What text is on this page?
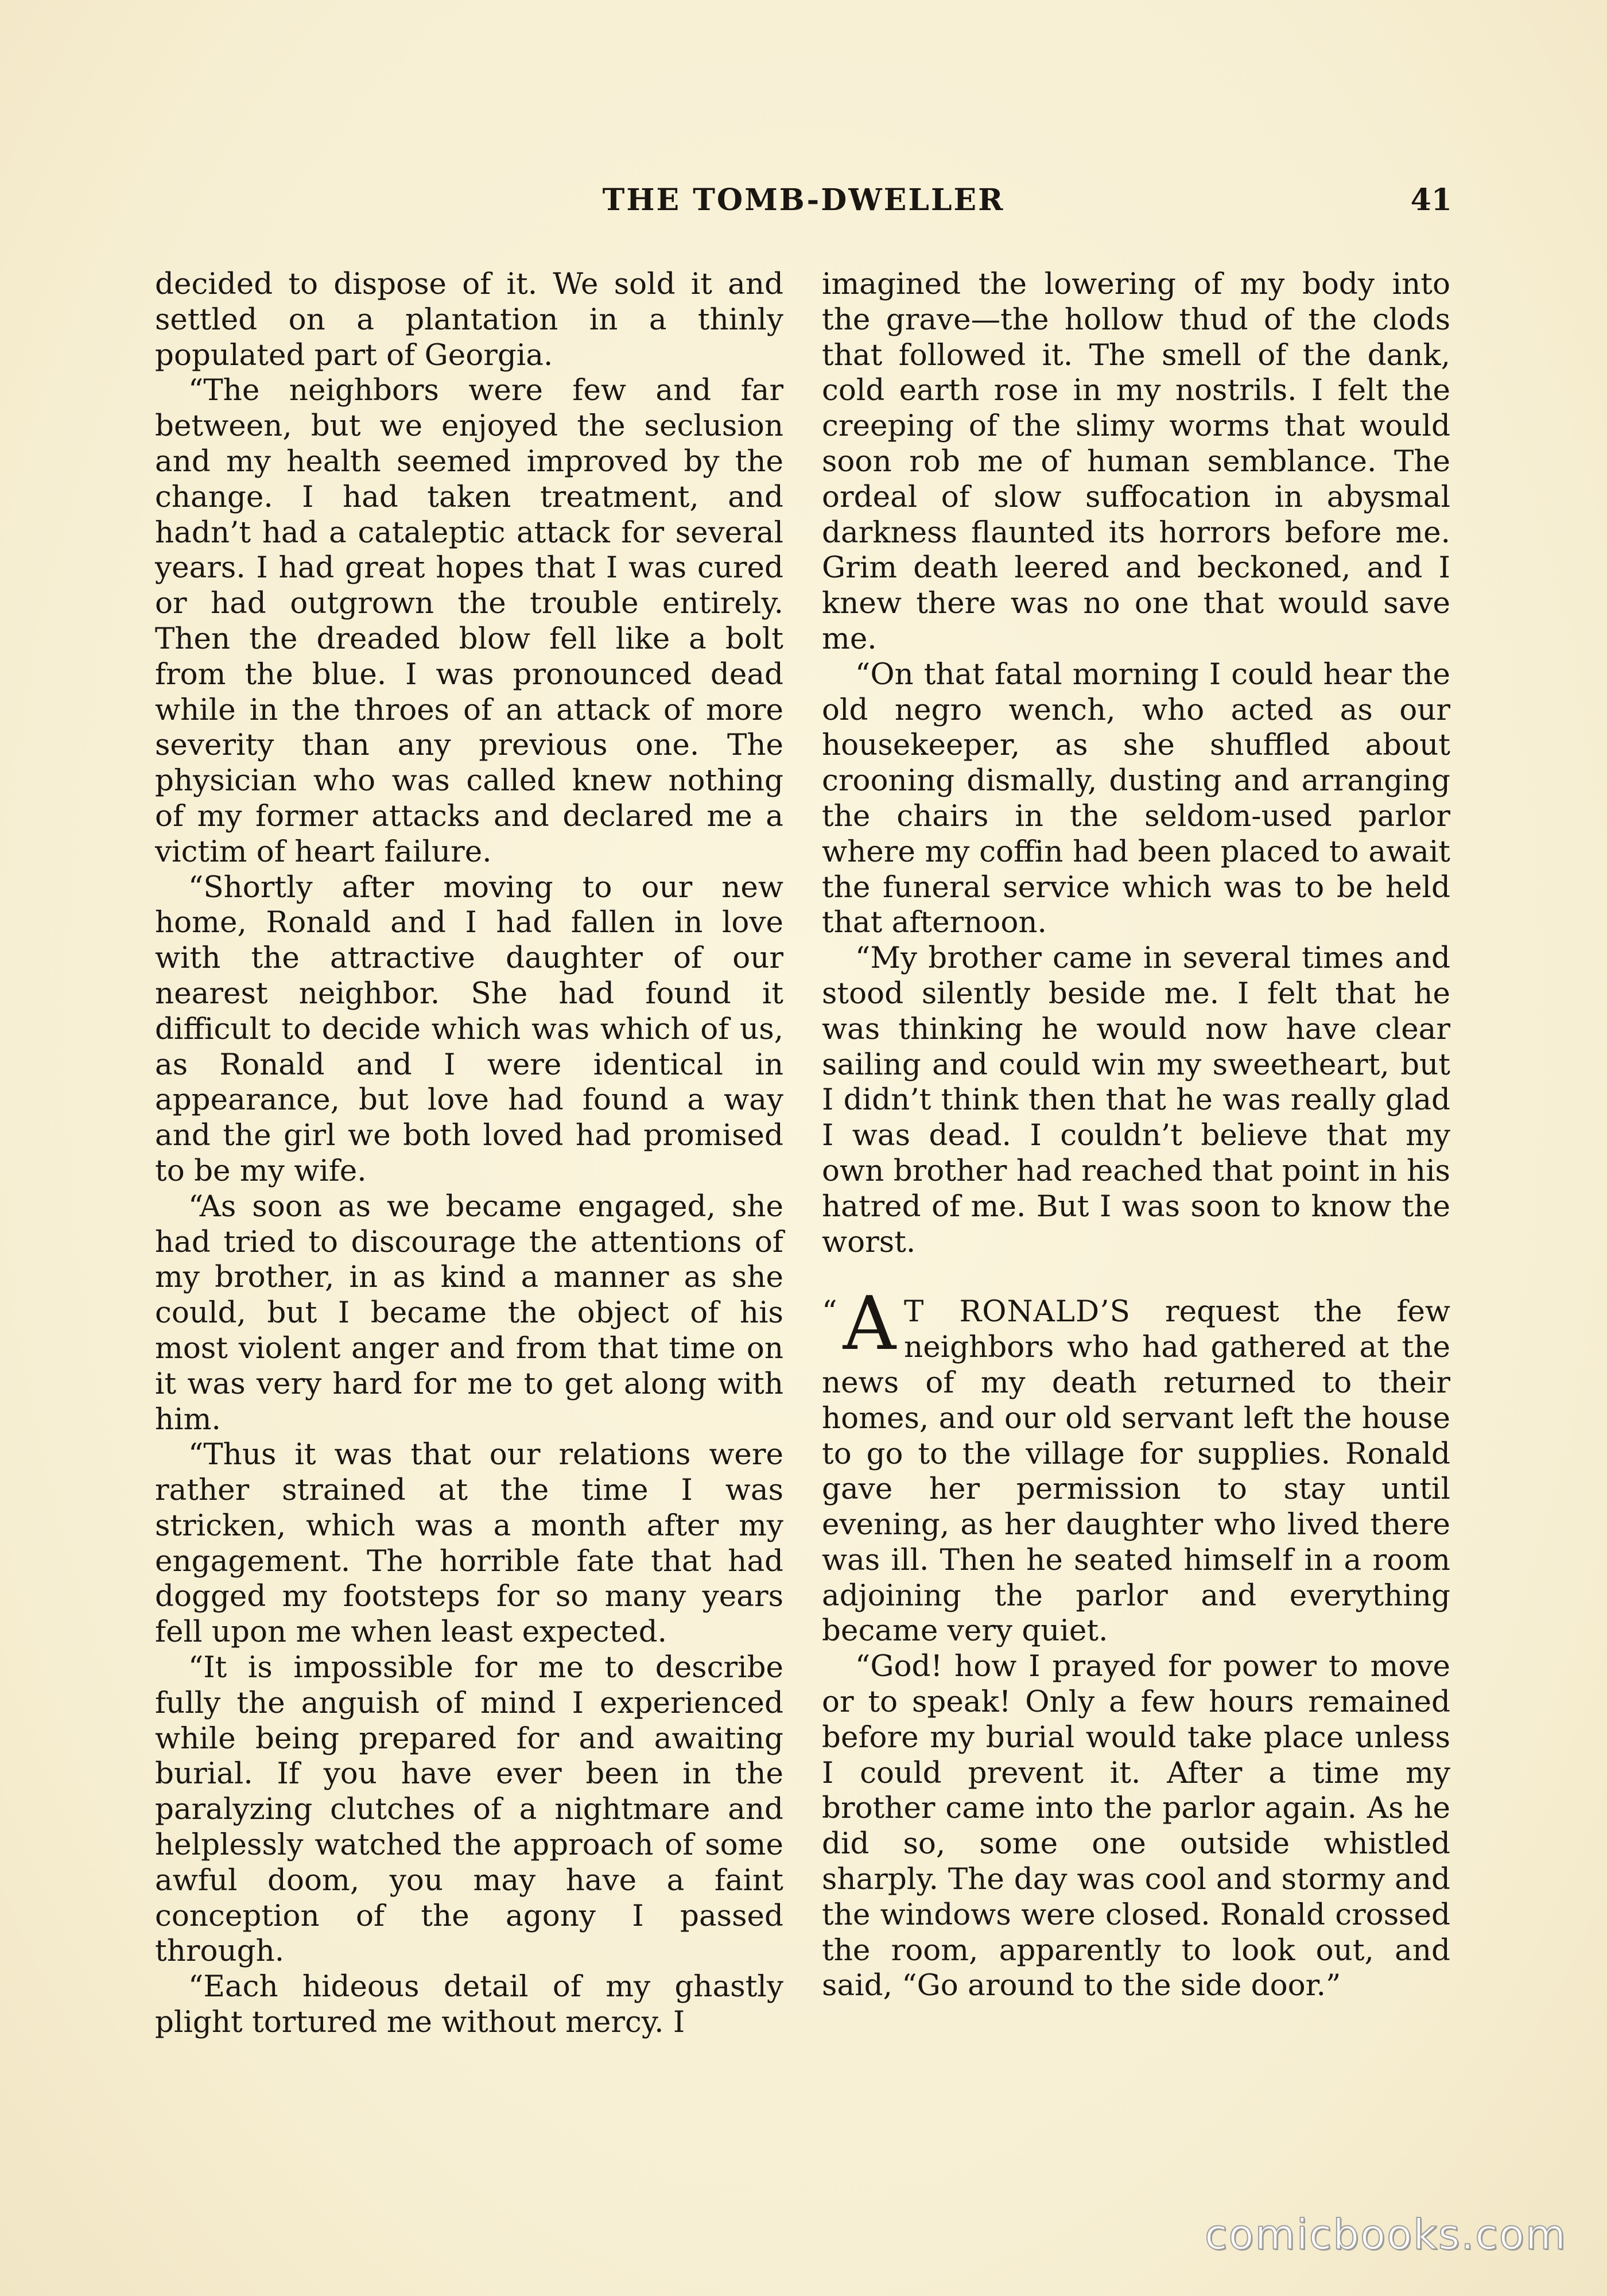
THE TOMB-DWELLER	41

decided to dispose of it. We sold it and settled on a plantation in a thinly populated part of Georgia.

“The neighbors were few and far between, but we enjoyed the seclusion and my health seemed improved by the change. I had taken treatment, and hadn’t had a cataleptic attack for several years. I had great hopes that I was cured or had outgrown the trouble entirely. Then the dreaded blow fell like a bolt from the blue. I was pronounced dead while in the throes of an attack of more severity than any previous one. The physician who was called knew nothing of my former attacks and declared me a victim of heart failure.

“Shortly after moving to our new home, Ronald and I had fallen in love with the attractive daughter of our nearest neighbor. She had found it difficult to decide which was which of us, as Ronald and I were identical in appearance, but love had found a way and the girl we both loved had promised to be my wife.

“As soon as we became engaged, she had tried to discourage the attentions of my brother, in as kind a manner as she could, but I became the object of his most violent anger and from that time on it was very hard for me to get along with him.

“Thus it was that our relations were rather strained at the time I was stricken, which was a month after my engagement. The horrible fate that had dogged my footsteps for so many years fell upon me when least expected.

“It is impossible for me to describe fully the anguish of mind I experienced while being prepared for and awaiting burial. If you have ever been in the paralyzing clutches of a nightmare and helplessly watched the approach of some awful doom, you may have a faint conception of the agony I passed through.

“Each hideous detail of my ghastly plight tortured me without mercy. I

imagined the lowering of my body into the grave—the hollow thud of the clods that followed it. The smell of the dank, cold earth rose in my nostrils. I felt the creeping of the slimy worms that would soon rob me of human semblance. The ordeal of slow suffocation in abysmal darkness flaunted its horrors before me. Grim death leered and beckoned, and I knew there was no one that would save me.

“On that fatal morning I could hear the old negro wench, who acted as our housekeeper, as she shuffled about crooning dismally, dusting and arranging the chairs in the seldom-used parlor where my coffin had been placed to await the funeral service which was to be held that afternoon.

“My brother came in several times and stood silently beside me. I felt that he was thinking he would now have clear sailing and could win my sweetheart, but I didn’t think then that he was really glad I was dead. I couldn’t believe that my own brother had reached that point in his hatred of me. But I was soon to know the worst.

“ A T RONALD’S request the few neighbors who had gathered at the news of my death returned to their homes, and our old servant left the house to go to the village for supplies. Ronald gave her permission to stay until evening, as her daughter who lived there was ill. Then he seated himself in a room adjoining the parlor and everything became very quiet.

“God! how I prayed for power to move or to speak! Only a few hours remained before my burial would take place unless I could prevent it. After a time my brother came into the parlor again. As he did so, some one outside whistled sharply. The day was cool and stormy and the windows were closed. Ronald crossed the room, apparently to look out, and said, “Go around to the side door.”

comicbooks.com
